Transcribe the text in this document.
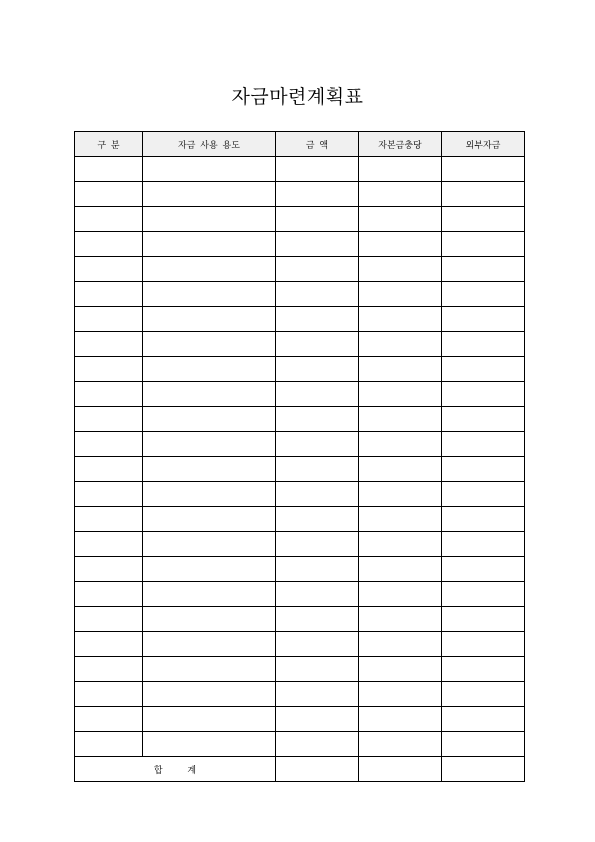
자금마련계획표
구 분	자금 사용 용도	금 액	자본금충당	외부자금

합 계				
